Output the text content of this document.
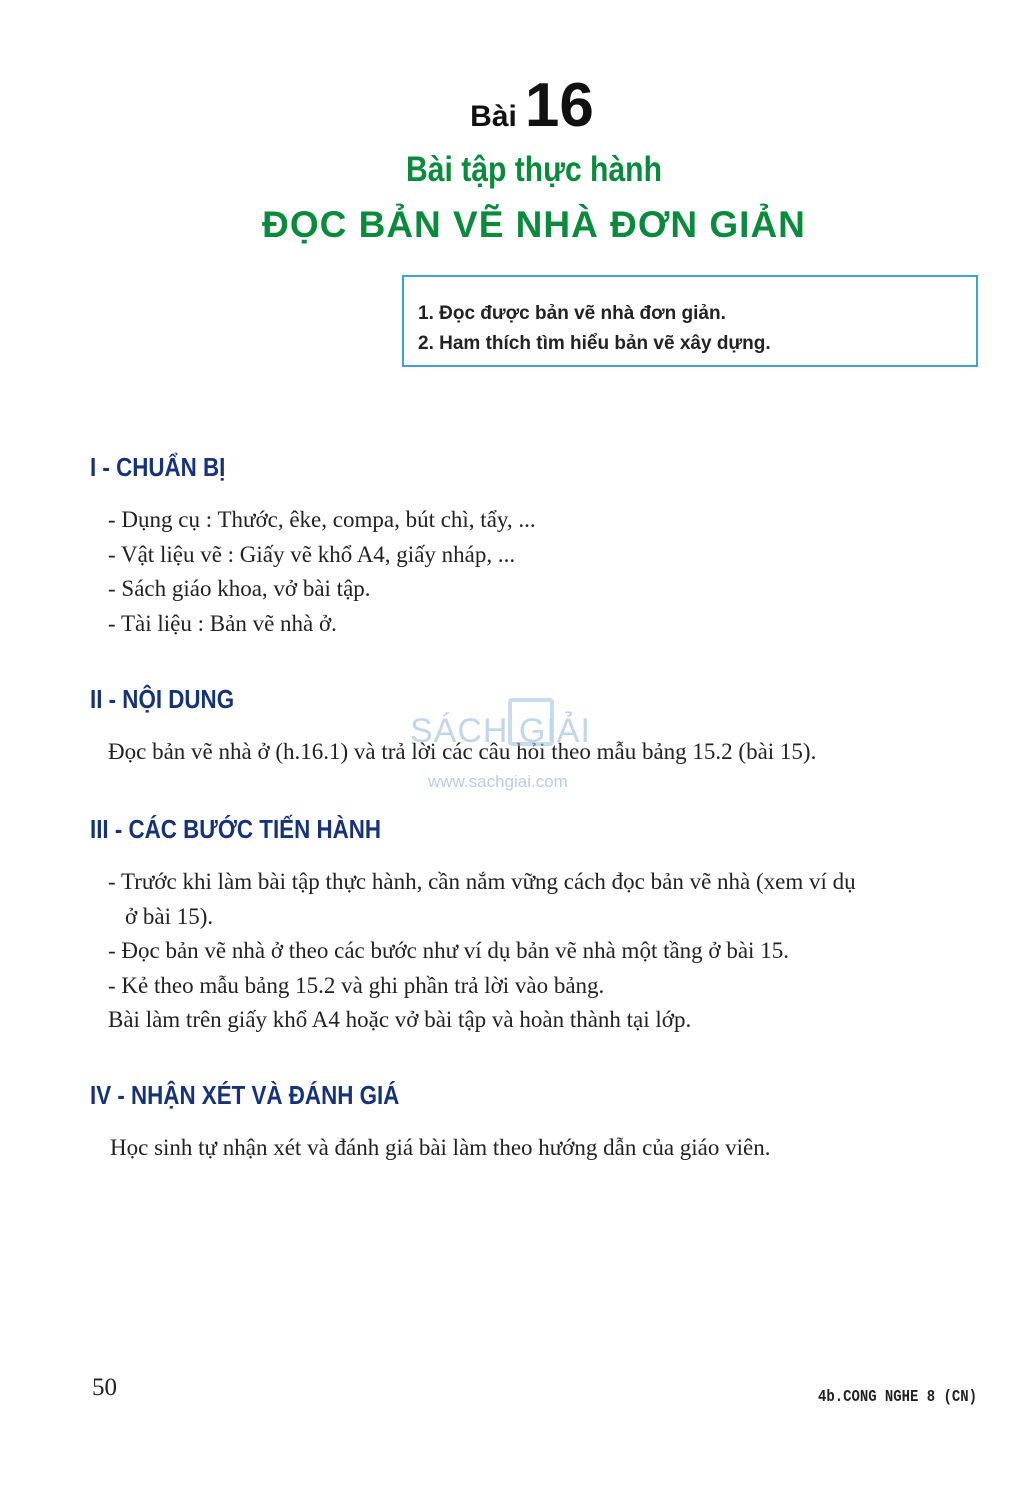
Bài 16
Bài tập thực hành
ĐỌC BẢN VẼ NHÀ ĐƠN GIẢN
1. Đọc được bản vẽ nhà đơn giản.
2. Ham thích tìm hiểu bản vẽ xây dựng.
I - CHUẨN BỊ
- Dụng cụ : Thước, êke, compa, bút chì, tẩy, ...
- Vật liệu vẽ : Giấy vẽ khổ A4, giấy nháp, ...
- Sách giáo khoa, vở bài tập.
- Tài liệu : Bản vẽ nhà ở.
II - NỘI DUNG
Đọc bản vẽ nhà ở (h.16.1) và trả lời các câu hỏi theo mẫu bảng 15.2 (bài 15).
SÁCH GIẢI
www.sachgiai.com
III - CÁC BƯỚC TIẾN HÀNH
- Trước khi làm bài tập thực hành, cần nắm vững cách đọc bản vẽ nhà (xem ví dụ
ở bài 15).
- Đọc bản vẽ nhà ở theo các bước như ví dụ bản vẽ nhà một tầng ở bài 15.
- Kẻ theo mẫu bảng 15.2 và ghi phần trả lời vào bảng.
Bài làm trên giấy khổ A4 hoặc vở bài tập và hoàn thành tại lớp.
IV - NHẬN XÉT VÀ ĐÁNH GIÁ
Học sinh tự nhận xét và đánh giá bài làm theo hướng dẫn của giáo viên.
50	4b.CONG NGHE 8 (CN)
